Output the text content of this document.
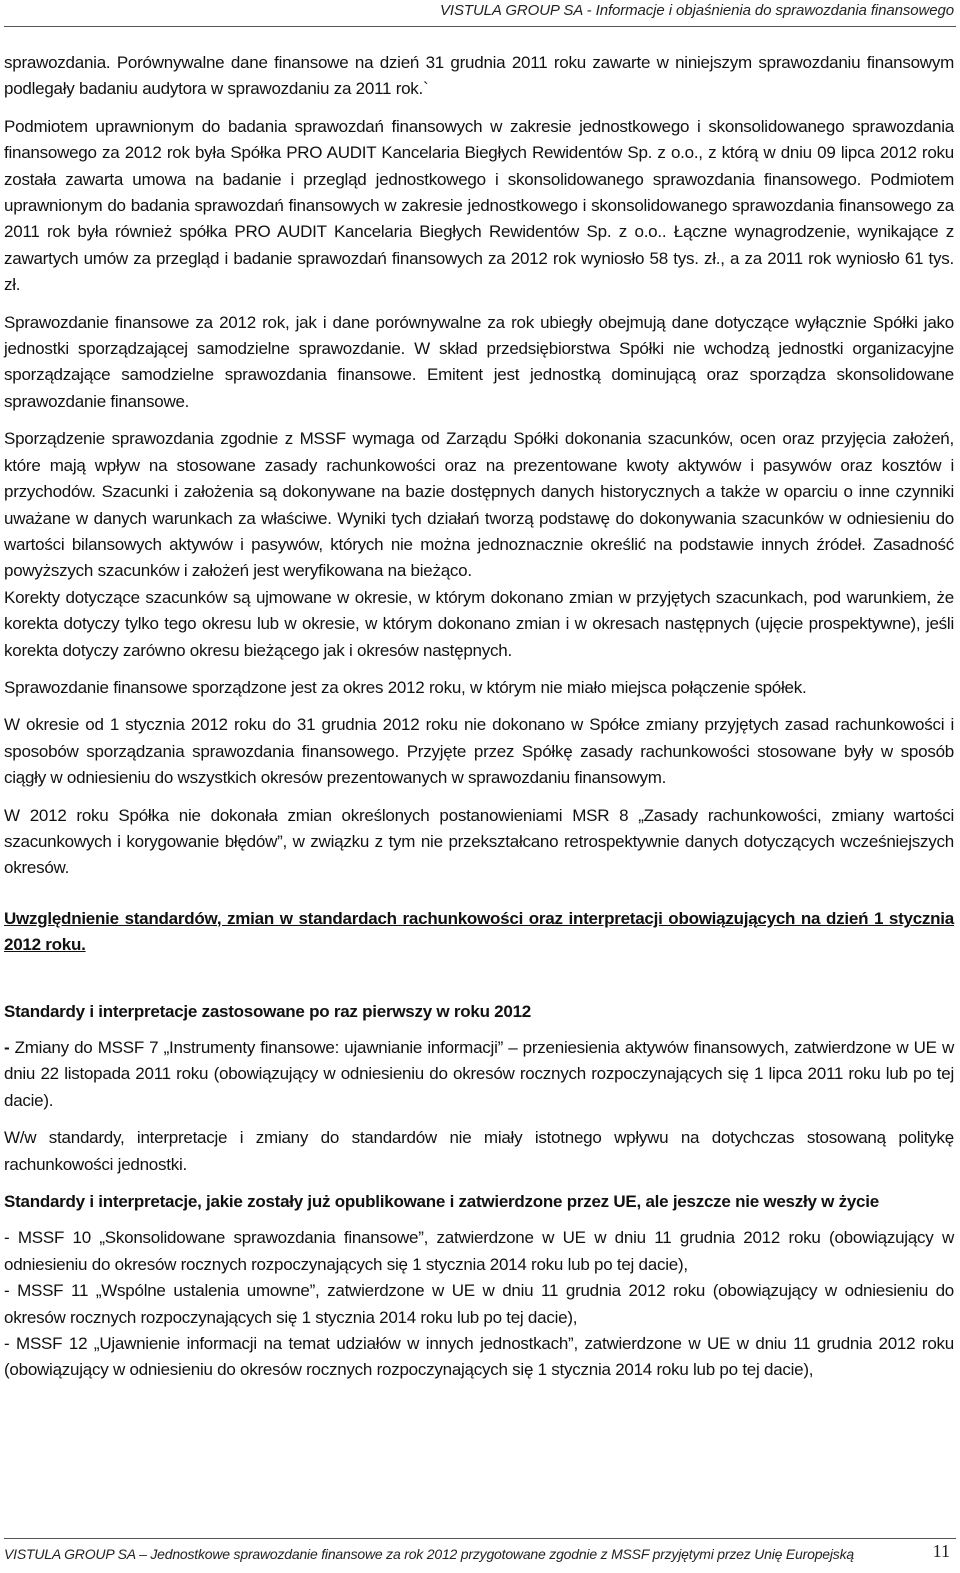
VISTULA GROUP SA - Informacje i objaśnienia do sprawozdania finansowego

sprawozdania. Porównywalne dane finansowe na dzień 31 grudnia 2011 roku zawarte w niniejszym sprawozdaniu finansowym podlegały badaniu audytora w sprawozdaniu za 2011 rok.`

Podmiotem uprawnionym do badania sprawozdań finansowych w zakresie jednostkowego i skonsolidowanego sprawozdania finansowego za 2012 rok była Spółka PRO AUDIT Kancelaria Biegłych Rewidentów Sp. z o.o., z którą w dniu 09 lipca 2012 roku została zawarta umowa na badanie i przegląd jednostkowego i skonsolidowanego sprawozdania finansowego. Podmiotem uprawnionym do badania sprawozdań finansowych w zakresie jednostkowego i skonsolidowanego sprawozdania finansowego za 2011 rok była również spółka PRO AUDIT Kancelaria Biegłych Rewidentów Sp. z o.o.. Łączne wynagrodzenie, wynikające z zawartych umów za przegląd i badanie sprawozdań finansowych za 2012 rok wyniosło 58 tys. zł., a za 2011 rok wyniosło 61 tys. zł.

Sprawozdanie finansowe za 2012 rok, jak i dane porównywalne za rok ubiegły obejmują dane dotyczące wyłącznie Spółki jako jednostki sporządzającej samodzielne sprawozdanie. W skład przedsiębiorstwa Spółki nie wchodzą jednostki organizacyjne sporządzające samodzielne sprawozdania finansowe. Emitent jest jednostką dominującą oraz sporządza skonsolidowane sprawozdanie finansowe.

Sporządzenie sprawozdania zgodnie z MSSF wymaga od Zarządu Spółki dokonania szacunków, ocen oraz przyjęcia założeń, które mają wpływ na stosowane zasady rachunkowości oraz na prezentowane kwoty aktywów i pasywów oraz kosztów i przychodów. Szacunki i założenia są dokonywane na bazie dostępnych danych historycznych a także w oparciu o inne czynniki uważane w danych warunkach za właściwe. Wyniki tych działań tworzą podstawę do dokonywania szacunków w odniesieniu do wartości bilansowych aktywów i pasywów, których nie można jednoznacznie określić na podstawie innych źródeł. Zasadność powyższych szacunków i założeń jest weryfikowana na bieżąco.

Korekty dotyczące szacunków są ujmowane w okresie, w którym dokonano zmian w przyjętych szacunkach, pod warunkiem, że korekta dotyczy tylko tego okresu lub w okresie, w którym dokonano zmian i w okresach następnych (ujęcie prospektywne), jeśli korekta dotyczy zarówno okresu bieżącego jak i okresów następnych.

Sprawozdanie finansowe sporządzone jest za okres 2012 roku, w którym nie miało miejsca połączenie spółek.

W okresie od 1 stycznia 2012 roku do 31 grudnia 2012 roku nie dokonano w Spółce zmiany przyjętych zasad rachunkowości i sposobów sporządzania sprawozdania finansowego. Przyjęte przez Spółkę zasady rachunkowości stosowane były w sposób ciągły w odniesieniu do wszystkich okresów prezentowanych w sprawozdaniu finansowym.

W 2012 roku Spółka nie dokonała zmian określonych postanowieniami MSR 8 „Zasady rachunkowości, zmiany wartości szacunkowych i korygowanie błędów”, w związku z tym nie przekształcano retrospektywnie danych dotyczących wcześniejszych okresów.

Uwzględnienie standardów, zmian w standardach rachunkowości oraz interpretacji obowiązujących na dzień 1 stycznia 2012 roku.
Standardy i interpretacje zastosowane po raz pierwszy w roku 2012

- Zmiany do MSSF 7 „Instrumenty finansowe: ujawnianie informacji” – przeniesienia aktywów finansowych, zatwierdzone w UE w dniu 22 listopada 2011 roku (obowiązujący w odniesieniu do okresów rocznych rozpoczynających się 1 lipca 2011 roku lub po tej dacie).

W/w standardy, interpretacje i zmiany do standardów nie miały istotnego wpływu na dotychczas stosowaną politykę rachunkowości jednostki.

Standardy i interpretacje, jakie zostały już opublikowane i zatwierdzone przez UE, ale jeszcze nie weszły w życie
- MSSF 10 „Skonsolidowane sprawozdania finansowe”, zatwierdzone w UE w dniu 11 grudnia 2012 roku (obowiązujący w odniesieniu do okresów rocznych rozpoczynających się 1 stycznia 2014 roku lub po tej dacie),
- MSSF 11 „Wspólne ustalenia umowne”, zatwierdzone w UE w dniu 11 grudnia 2012 roku (obowiązujący w odniesieniu do okresów rocznych rozpoczynających się 1 stycznia 2014 roku lub po tej dacie),
- MSSF 12 „Ujawnienie informacji na temat udziałów w innych jednostkach”, zatwierdzone w UE w dniu 11 grudnia 2012 roku (obowiązujący w odniesieniu do okresów rocznych rozpoczynających się 1 stycznia 2014 roku lub po tej dacie),
VISTULA GROUP SA – Jednostkowe sprawozdanie finansowe za rok 2012 przygotowane zgodnie z MSSF przyjętymi przez Unię Europejską	11
